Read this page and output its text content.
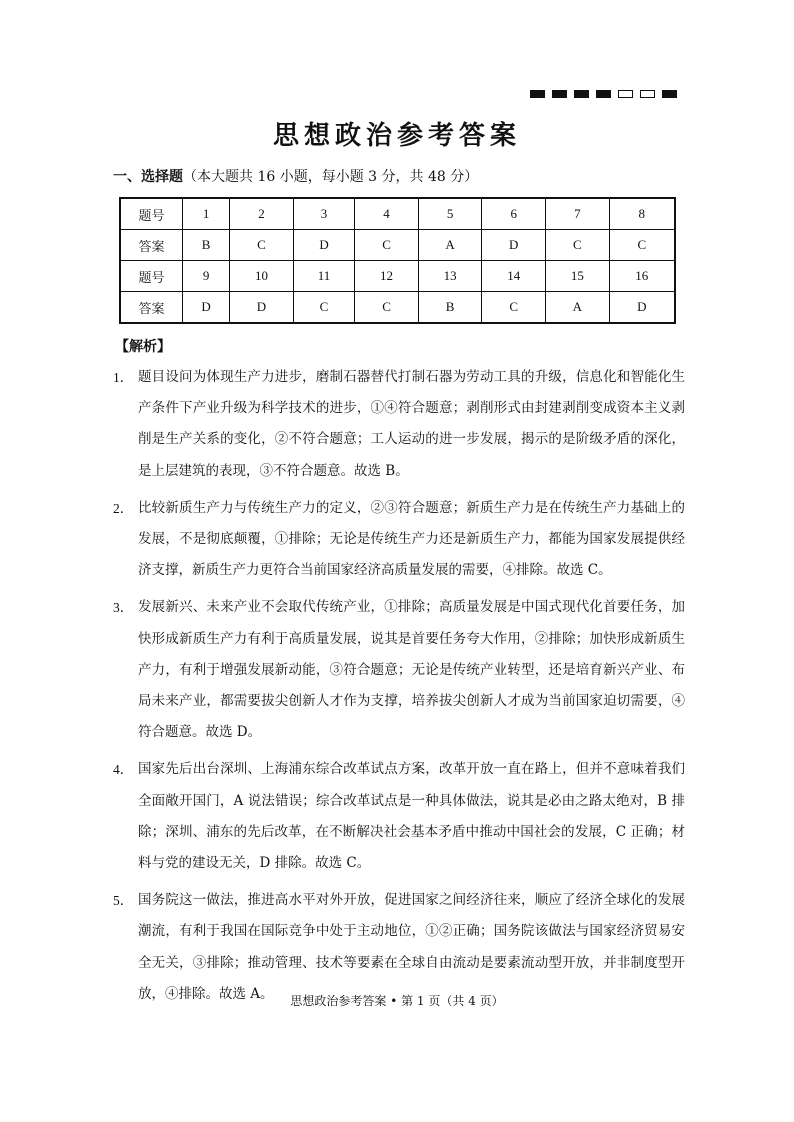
思想政治参考答案
一、选择题（本大题共 16 小题，每小题 3 分，共 48 分）
题号	1	2	3	4	5	6	7	8
答案	B	C	D	C	A	D	C	C
题号	9	10	11	12	13	14	15	16
答案	D	D	C	C	B	C	A	D
【解析】
1． 题目设问为体现生产力进步，磨制石器替代打制石器为劳动工具的升级，信息化和智能化生产条件下产业升级为科学技术的进步，①④符合题意；剥削形式由封建剥削变成资本主义剥削是生产关系的变化，②不符合题意；工人运动的进一步发展，揭示的是阶级矛盾的深化，是上层建筑的表现，③不符合题意。故选 B。
2． 比较新质生产力与传统生产力的定义，②③符合题意；新质生产力是在传统生产力基础上的发展，不是彻底颠覆，①排除；无论是传统生产力还是新质生产力，都能为国家发展提供经济支撑，新质生产力更符合当前国家经济高质量发展的需要，④排除。故选 C。
3． 发展新兴、未来产业不会取代传统产业，①排除；高质量发展是中国式现代化首要任务，加快形成新质生产力有利于高质量发展，说其是首要任务夸大作用，②排除；加快形成新质生产力，有利于增强发展新动能，③符合题意；无论是传统产业转型，还是培育新兴产业、布局未来产业，都需要拔尖创新人才作为支撑，培养拔尖创新人才成为当前国家迫切需要，④符合题意。故选 D。
4． 国家先后出台深圳、上海浦东综合改革试点方案，改革开放一直在路上，但并不意味着我们全面敞开国门，A 说法错误；综合改革试点是一种具体做法，说其是必由之路太绝对，B 排除；深圳、浦东的先后改革，在不断解决社会基本矛盾中推动中国社会的发展，C 正确；材料与党的建设无关，D 排除。故选 C。
5． 国务院这一做法，推进高水平对外开放，促进国家之间经济往来，顺应了经济全球化的发展潮流，有利于我国在国际竞争中处于主动地位，①②正确；国务院该做法与国家经济贸易安全无关，③排除；推动管理、技术等要素在全球自由流动是要素流动型开放，并非制度型开放，④排除。故选 A。	思想政治参考答案 • 第 1 页（共 4 页）
